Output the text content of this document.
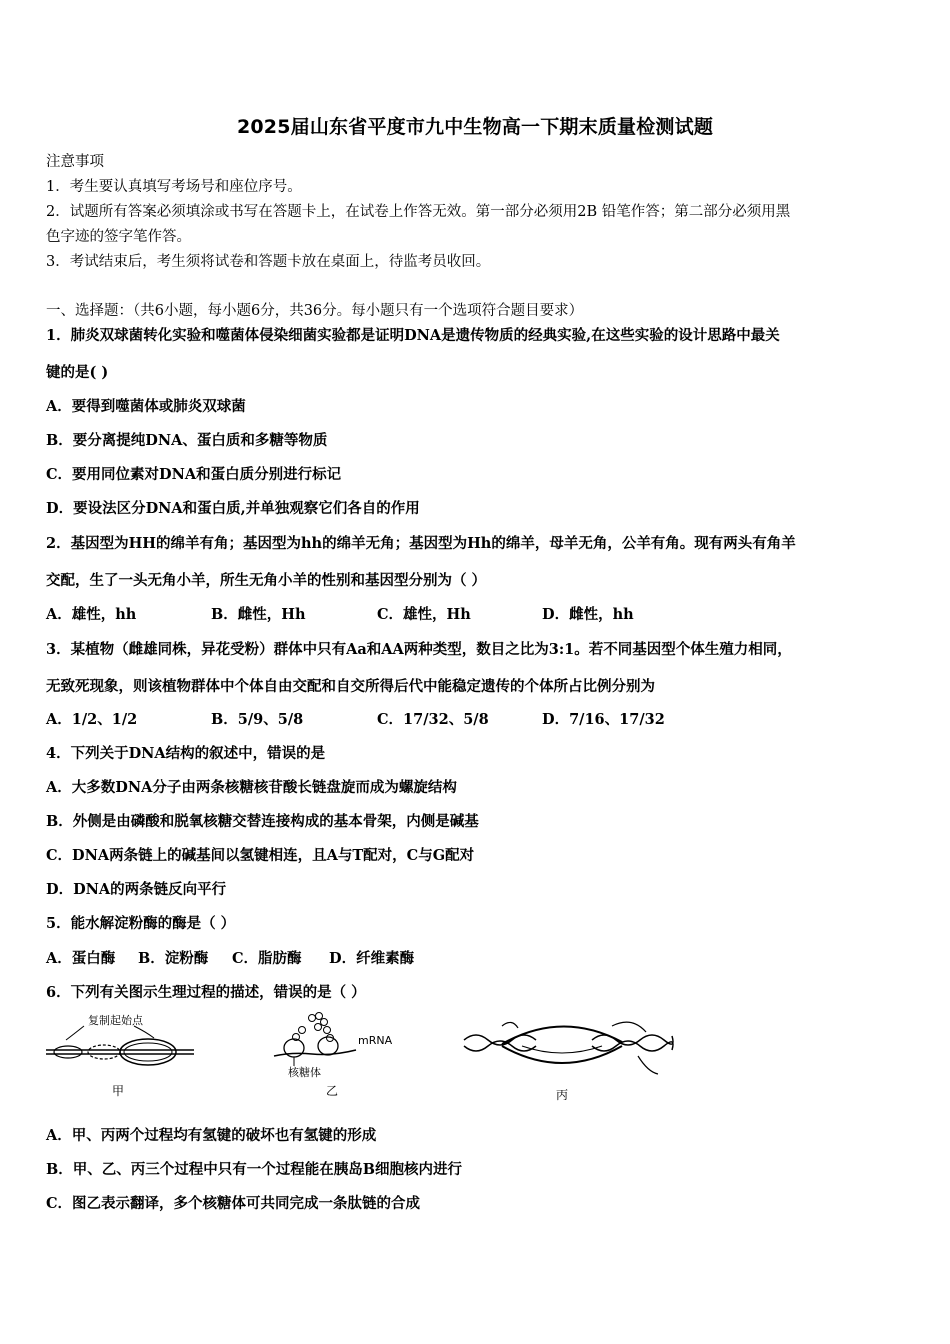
2025届山东省平度市九中生物高一下期末质量检测试题
注意事项
1．考生要认真填写考场号和座位序号。
2．试题所有答案必须填涂或书写在答题卡上，在试卷上作答无效。第一部分必须用2B 铅笔作答；第二部分必须用黑
色字迹的签字笔作答。
3．考试结束后，考生须将试卷和答题卡放在桌面上，待监考员收回。
一、选择题：（共6小题，每小题6分，共36分。每小题只有一个选项符合题目要求）
1．肺炎双球菌转化实验和噬菌体侵染细菌实验都是证明DNA是遗传物质的经典实验,在这些实验的设计思路中最关
键的是( )
A．要得到噬菌体或肺炎双球菌
B．要分离提纯DNA、蛋白质和多糖等物质
C．要用同位素对DNA和蛋白质分别进行标记
D．要设法区分DNA和蛋白质,并单独观察它们各自的作用
2．基因型为HH的绵羊有角；基因型为hh的绵羊无角；基因型为Hh的绵羊，母羊无角，公羊有角。现有两头有角羊
交配，生了一头无角小羊，所生无角小羊的性别和基因型分别为（ ）
A．雄性，hh	B．雌性，Hh	C．雄性，Hh	D．雌性，hh
3．某植物（雌雄同株，异花受粉）群体中只有Aa和AA两种类型，数目之比为3:1。若不同基因型个体生殖力相同，
无致死现象，则该植物群体中个体自由交配和自交所得后代中能稳定遗传的个体所占比例分别为
A．1/2、1/2	B．5/9、5/8	C．17/32、5/8	D．7/16、17/32
4．下列关于DNA结构的叙述中，错误的是
A．大多数DNA分子由两条核糖核苷酸长链盘旋而成为螺旋结构
B．外侧是由磷酸和脱氧核糖交替连接构成的基本骨架，内侧是碱基
C．DNA两条链上的碱基间以氢键相连，且A与T配对，C与G配对
D．DNA的两条链反向平行
5．能水解淀粉酶的酶是（ ）
A．蛋白酶 B．淀粉酶 C．脂肪酶 D．纤维素酶
6．下列有关图示生理过程的描述，错误的是（ ）
复制起始点
甲
mRNA
核糖体
乙	丙
A．甲、丙两个过程均有氢键的破坏也有氢键的形成
B．甲、乙、丙三个过程中只有一个过程能在胰岛B细胞核内进行
C．图乙表示翻译，多个核糖体可共同完成一条肽链的合成
